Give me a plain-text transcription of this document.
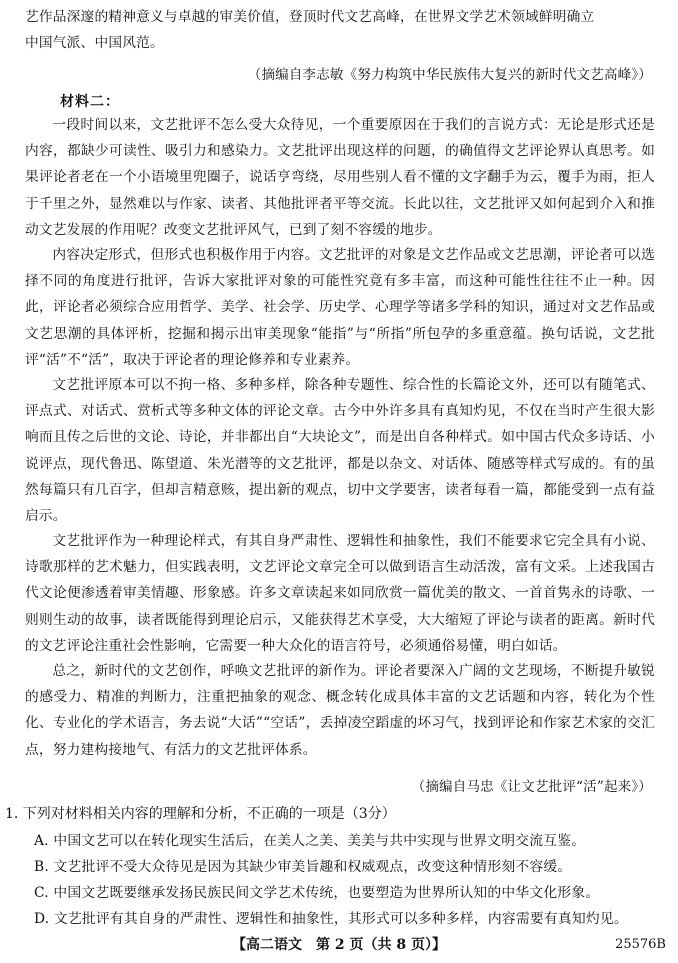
艺作品深邃的精神意义与卓越的审美价值，登顶时代文艺高峰，在世界文学艺术领域鲜明确立

中国气派、中国风范。

（摘编自李志敏《努力构筑中华民族伟大复兴的新时代文艺高峰》）
材料二：

一段时间以来，文艺批评不怎么受大众待见，一个重要原因在于我们的言说方式：无论是形式还是内容，都缺少可读性、吸引力和感染力。文艺批评出现这样的问题，的确值得文艺评论界认真思考。如果评论者老在一个小语境里兜圈子，说话亨弯绕，尽用些别人看不懂的文字翻手为云，覆手为雨，拒人于千里之外，显然难以与作家、读者、其他批评者平等交流。长此以往，文艺批评又如何起到介入和推动文艺发展的作用呢？改变文艺批评风气，已到了刻不容缓的地步。

内容决定形式，但形式也积极作用于内容。文艺批评的对象是文艺作品或文艺思潮，评论者可以选择不同的角度进行批评，告诉大家批评对象的可能性究竟有多丰富，而这种可能性往往不止一种。因此，评论者必须综合应用哲学、美学、社会学、历史学、心理学等诸多学科的知识，通过对文艺作品或文艺思潮的具体评析，挖掘和揭示出审美现象“能指”与“所指”所包孕的多重意蕴。换句话说，文艺批评“活”不“活”，取决于评论者的理论修养和专业素养。

文艺批评原本可以不拘一格、多种多样，除各种专题性、综合性的长篇论文外，还可以有随笔式、评点式、对话式、赏析式等多种文体的评论文章。古今中外许多具有真知灼见，不仅在当时产生很大影响而且传之后世的文论、诗论，并非都出自“大块论文”，而是出自各种样式。如中国古代众多诗话、小说评点，现代鲁迅、陈望道、朱光潜等的文艺批评，都是以杂文、对话体、随感等样式写成的。有的虽然每篇只有几百字，但却言精意赅，提出新的观点，切中文学要害，读者每看一篇，都能受到一点有益启示。

文艺批评作为一种理论样式，有其自身严肃性、逻辑性和抽象性，我们不能要求它完全具有小说、诗歌那样的艺术魅力，但实践表明，文艺评论文章完全可以做到语言生动活泼，富有文采。上述我国古代文论便渗透着审美情趣、形象感。许多文章读起来如同欣赏一篇优美的散文、一首首隽永的诗歌、一则则生动的故事，读者既能得到理论启示，又能获得艺术享受，大大缩短了评论与读者的距离。新时代的文艺评论注重社会性影响，它需要一种大众化的语言符号，必须通俗易懂，明白如话。

总之，新时代的文艺创作，呼唤文艺批评的新作为。评论者要深入广阔的文艺现场，不断提升敏锐的感受力、精准的判断力，注重把抽象的观念、概念转化成具体丰富的文艺话题和内容，转化为个性化、专业化的学术语言，务去说“大话”“空话”，丢掉凌空蹈虚的坏习气，找到评论和作家艺术家的交汇点，努力建构接地气、有活力的文艺批评体系。

（摘编自马忠《让文艺批评“活”起来》）
1. 下列对材料相关内容的理解和分析，不正确的一项是（3分）
A. 中国文艺可以在转化现实生活后，在美人之美、美美与共中实现与世界文明交流互鉴。
B. 文艺批评不受大众待见是因为其缺少审美旨趣和权威观点，改变这种情形刻不容缓。
C. 中国文艺既要继承发扬民族民间文学艺术传统，也要塑造为世界所认知的中华文化形象。
D. 文艺批评有其自身的严肃性、逻辑性和抽象性，其形式可以多种多样，内容需要有真知灼见。
【高二语文　第 2 页（共 8 页）】	25576B
